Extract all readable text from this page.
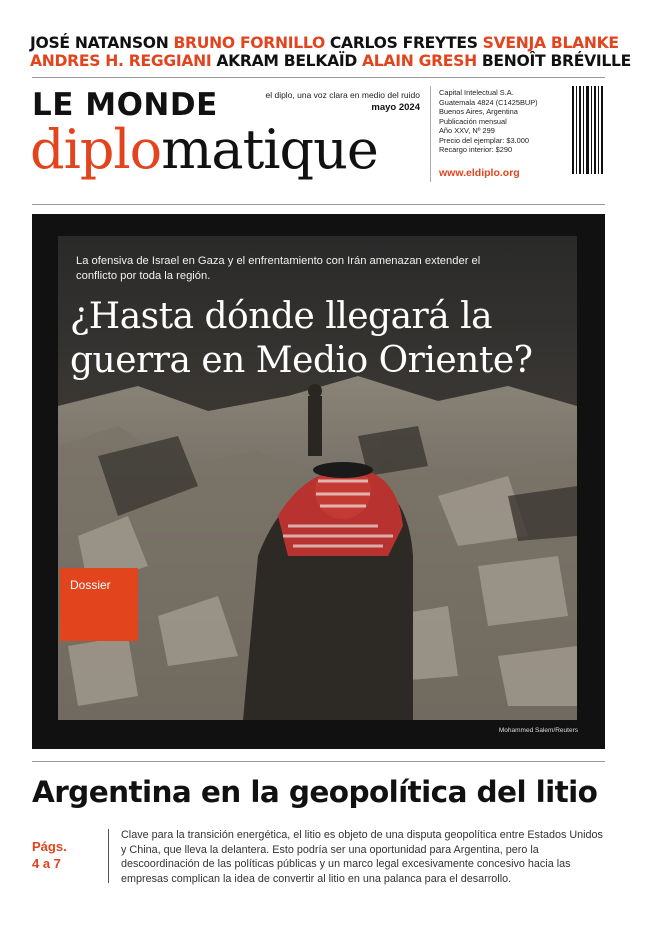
JOSÉ NATANSON BRUNO FORNILLO CARLOS FREYTES SVENJA BLANKE
ANDRES H. REGGIANI AKRAM BELKAÏD ALAIN GRESH BENOÎT BRÉVILLE
LE MONDE
diplomatique
el diplo, una voz clara en medio del ruido
mayo 2024
Capital Intelectual S.A.
Guatemala 4824 (C1425BUP)
Buenos Aires, Argentina
Publicación mensual
Año XXV, Nº 299
Precio del ejemplar: $3.000
Recargo interior: $290
www.eldiplo.org
La ofensiva de Israel en Gaza y el enfrentamiento con Irán amenazan extender el conflicto por toda la región.
¿Hasta dónde llegará la guerra en Medio Oriente?
Dossier
Mohammed Salem/Reuters
Argentina en la geopolítica del litio
Págs.
4 a 7
Clave para la transición energética, el litio es objeto de una disputa geopolítica entre Estados Unidos y China, que lleva la delantera. Esto podría ser una oportunidad para Argentina, pero la descoordinación de las políticas públicas y un marco legal excesivamente concesivo hacia las empresas complican la idea de convertir al litio en una palanca para el desarrollo.
